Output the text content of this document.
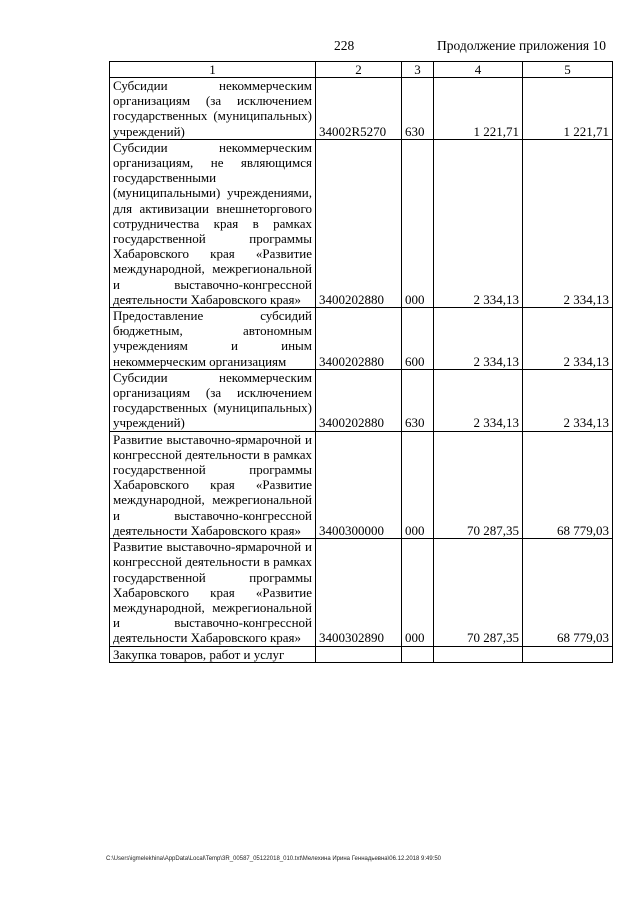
228	Продолжение приложения 10
1	2	3	4	5
Субсидии некоммерческим организациям (за исключением государственных (муниципальных) учреждений)	34002R5270	630	1 221,71	1 221,71
Субсидии некоммерческим организациям, не являющимся государственными (муниципальными) учреждениями, для активизации внешнеторгового сотрудничества края в рамках государственной программы Хабаровского края «Развитие международной, межрегиональной и выставочно-конгрессной деятельности Хабаровского края»	3400202880	000	2 334,13	2 334,13
Предоставление субсидий бюджетным, автономным учреждениям и иным некоммерческим организациям	3400202880	600	2 334,13	2 334,13
Субсидии некоммерческим организациям (за исключением государственных (муниципальных) учреждений)	3400202880	630	2 334,13	2 334,13
Развитие выставочно-ярмарочной и конгрессной деятельности в рамках государственной программы Хабаровского края «Развитие международной, межрегиональной и выставочно-конгрессной деятельности Хабаровского края»	3400300000	000	70 287,35	68 779,03
Развитие выставочно-ярмарочной и конгрессной деятельности в рамках государственной программы Хабаровского края «Развитие международной, межрегиональной и выставочно-конгрессной деятельности Хабаровского края»	3400302890	000	70 287,35	68 779,03
Закупка товаров, работ и услуг				
C:\Users\igmelekhina\AppData\Local\Temp\3R_00587_05122018_010.txt\Мелехина Ирина Геннадьевна\06.12.2018 9:49:50
